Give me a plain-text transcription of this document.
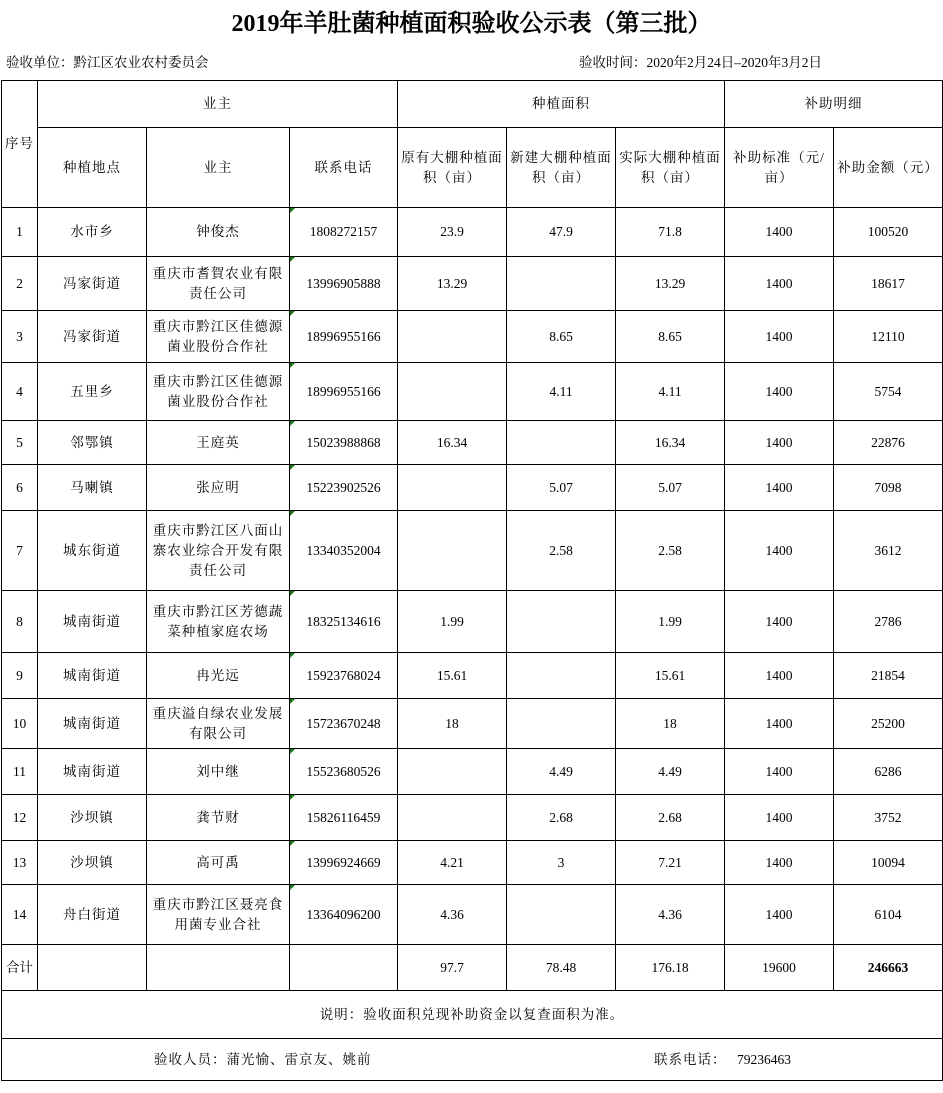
2019年羊肚菌种植面积验收公示表（第三批）
验收单位：黔江区农业农村委员会	验收时间：2020年2月24日–2020年3月2日
序号	业主			种植面积			补助明细	
	种植地点	业主	联系电话	原有大棚种植面积（亩）	新建大棚种植面积（亩）	实际大棚种植面积（亩）	补助标准（元/亩）	补助金额（元）
1	水市乡	钟俊杰	1808272157	23.9	47.9	71.8	1400	100520
2	冯家街道	重庆市耆賀农业有限责任公司	13996905888	13.29		13.29	1400	18617
3	冯家街道	重庆市黔江区佳德源菌业股份合作社	18996955166		8.65	8.65	1400	12110
4	五里乡	重庆市黔江区佳德源菌业股份合作社	18996955166		4.11	4.11	1400	5754
5	邻鄂镇	王庭英	15023988868	16.34		16.34	1400	22876
6	马喇镇	张应明	15223902526		5.07	5.07	1400	7098
7	城东街道	重庆市黔江区八面山寨农业综合开发有限责任公司	13340352004		2.58	2.58	1400	3612
8	城南街道	重庆市黔江区芳德蔬菜种植家庭农场	18325134616	1.99		1.99	1400	2786
9	城南街道	冉光远	15923768024	15.61		15.61	1400	21854
10	城南街道	重庆溢自绿农业发展有限公司	15723670248	18		18	1400	25200
11	城南街道	刘中继	15523680526		4.49	4.49	1400	6286
12	沙坝镇	龚节财	15826116459		2.68	2.68	1400	3752
13	沙坝镇	高可禹	13996924669	4.21	3	7.21	1400	10094
14	舟白街道	重庆市黔江区聂亮食用菌专业合社	13364096200	4.36		4.36	1400	6104
合计				97.7	78.48	176.18	19600	246663
说明：验收面积兑现补助资金以复查面积为准。								

验收人员：蒲光愉、雷京友、姚前 联系电话： 79236463								
